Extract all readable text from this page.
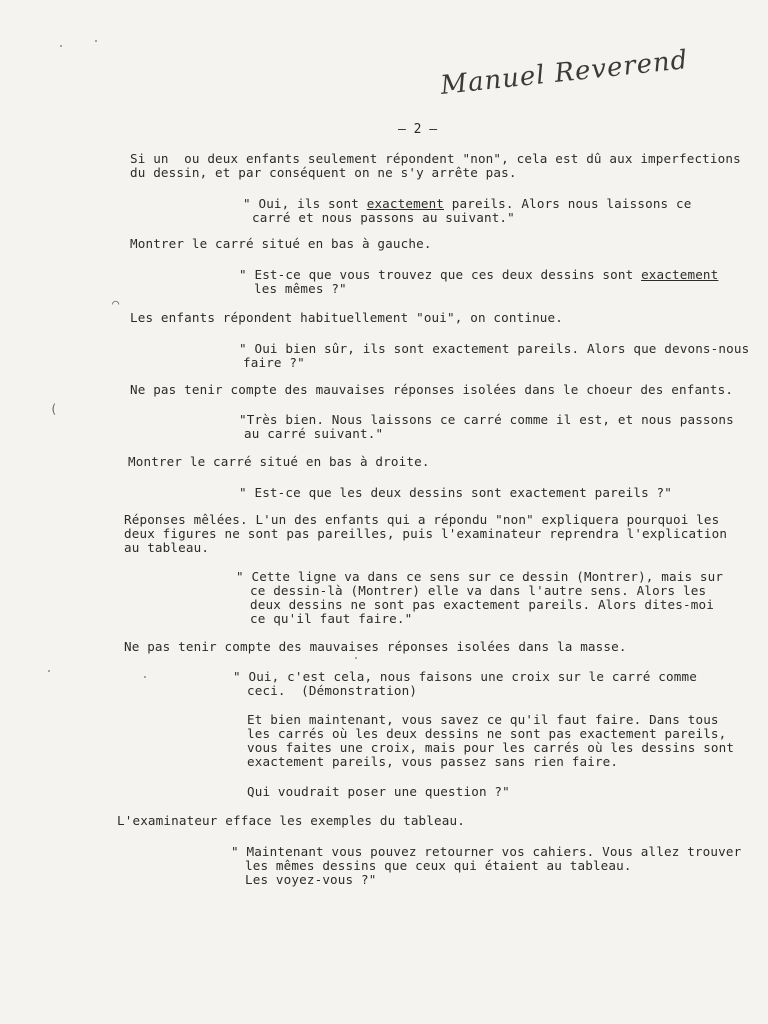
Manuel Reverend
– 2 –
Si un  ou deux enfants seulement répondent "non", cela est dû aux imperfections
du dessin, et par conséquent on ne s'y arrête pas.
" Oui, ils sont exactement pareils. Alors nous laissons ce
carré et nous passons au suivant."
Montrer le carré situé en bas à gauche.
" Est-ce que vous trouvez que ces deux dessins sont exactement
les mêmes ?"
Les enfants répondent habituellement "oui", on continue.
" Oui bien sûr, ils sont exactement pareils. Alors que devons-nous
faire ?"
Ne pas tenir compte des mauvaises réponses isolées dans le choeur des enfants.
"Très bien. Nous laissons ce carré comme il est, et nous passons
au carré suivant."
Montrer le carré situé en bas à droite.
" Est-ce que les deux dessins sont exactement pareils ?"
Réponses mêlées. L'un des enfants qui a répondu "non" expliquera pourquoi les
deux figures ne sont pas pareilles, puis l'examinateur reprendra l'explication
au tableau.
" Cette ligne va dans ce sens sur ce dessin (Montrer), mais sur
ce dessin-là (Montrer) elle va dans l'autre sens. Alors les
deux dessins ne sont pas exactement pareils. Alors dites-moi
ce qu'il faut faire."
Ne pas tenir compte des mauvaises réponses isolées dans la masse.
" Oui, c'est cela, nous faisons une croix sur le carré comme
ceci.  (Démonstration)
Et bien maintenant, vous savez ce qu'il faut faire. Dans tous
les carrés où les deux dessins ne sont pas exactement pareils,
vous faites une croix, mais pour les carrés où les dessins sont
exactement pareils, vous passez sans rien faire.
Qui voudrait poser une question ?"
L'examinateur efface les exemples du tableau.
" Maintenant vous pouvez retourner vos cahiers. Vous allez trouver
les mêmes dessins que ceux qui étaient au tableau.
Les voyez-vous ?"
(
⌒
